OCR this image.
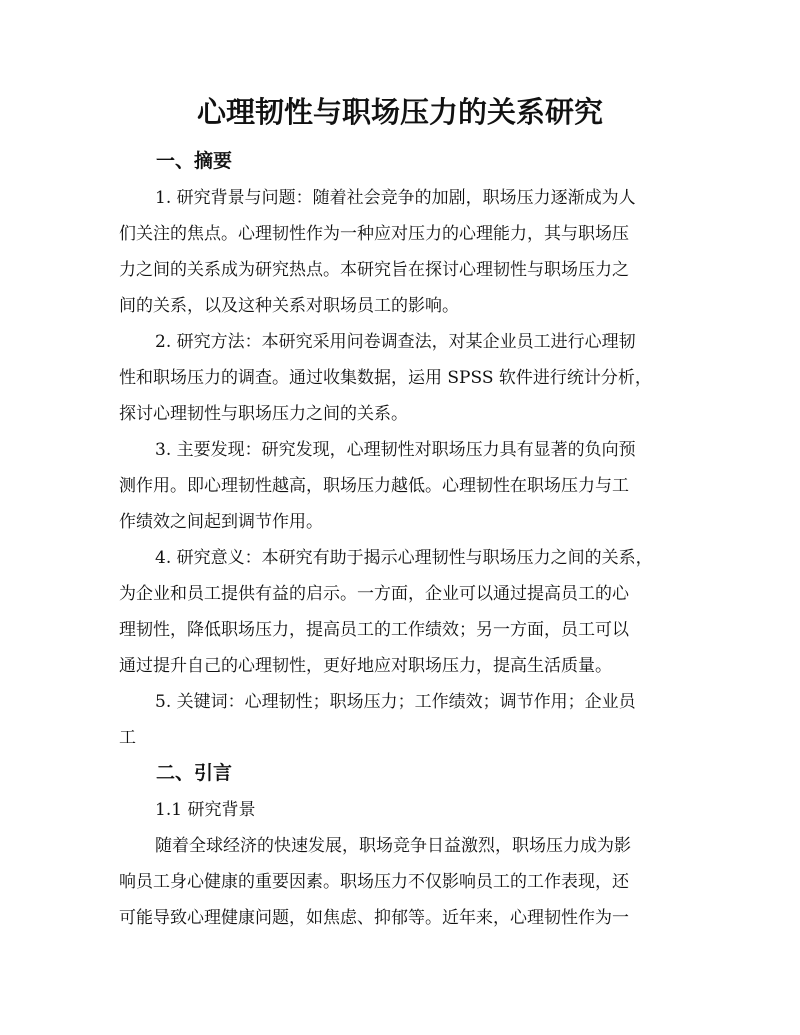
心理韧性与职场压力的关系研究
一、摘要

1. 研究背景与问题：随着社会竞争的加剧，职场压力逐渐成为人

们关注的焦点。心理韧性作为一种应对压力的心理能力，其与职场压

力之间的关系成为研究热点。本研究旨在探讨心理韧性与职场压力之

间的关系，以及这种关系对职场员工的影响。

2. 研究方法：本研究采用问卷调查法，对某企业员工进行心理韧

性和职场压力的调查。通过收集数据，运用 SPSS 软件进行统计分析，

探讨心理韧性与职场压力之间的关系。

3. 主要发现：研究发现，心理韧性对职场压力具有显著的负向预

测作用。即心理韧性越高，职场压力越低。心理韧性在职场压力与工

作绩效之间起到调节作用。

4. 研究意义：本研究有助于揭示心理韧性与职场压力之间的关系，

为企业和员工提供有益的启示。一方面，企业可以通过提高员工的心

理韧性，降低职场压力，提高员工的工作绩效；另一方面，员工可以

通过提升自己的心理韧性，更好地应对职场压力，提高生活质量。

5. 关键词：心理韧性；职场压力；工作绩效；调节作用；企业员

工

二、引言

1.1 研究背景

随着全球经济的快速发展，职场竞争日益激烈，职场压力成为影

响员工身心健康的重要因素。职场压力不仅影响员工的工作表现，还

可能导致心理健康问题，如焦虑、抑郁等。近年来，心理韧性作为一
